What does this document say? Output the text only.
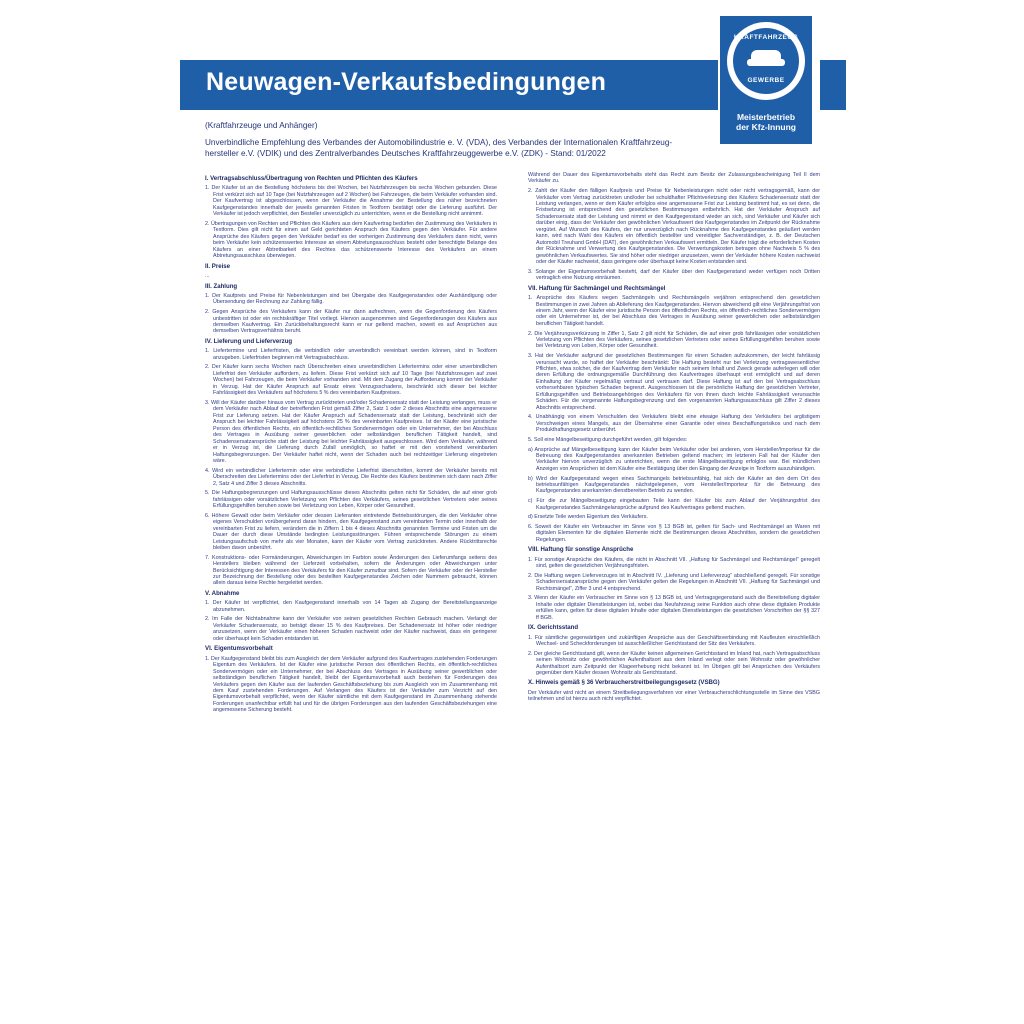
Neuwagen-Verkaufsbedingungen
KRAFTFAHRZEUG
GEWERBE
Meisterbetrieb
der Kfz-Innung
(Kraftfahrzeuge und Anhänger)
Unverbindliche Empfehlung des Verbandes der Automobilindustrie e. V. (VDA), des Verbandes der Internationalen Kraftfahrzeug-
hersteller e.V. (VDIK) und des Zentralverbandes Deutsches Kraftfahrzeuggewerbe e.V. (ZDK) - Stand: 01/2022
I. Vertragsabschluss/Übertragung von Rechten und Pflichten des Käufers

1. Der Käufer ist an die Bestellung höchstens bis drei Wochen, bei Nutzfahrzeugen bis sechs Wochen gebunden. Diese Frist verkürzt sich auf 10 Tage (bei Nutzfahrzeugen auf 2 Wochen) bei Fahrzeugen, die beim Verkäufer vorhanden sind. Der Kaufvertrag ist abgeschlossen, wenn der Verkäufer die Annahme der Bestellung des näher bezeichneten Kaufgegenstandes innerhalb der jeweils genannten Fristen in Textform bestätigt oder die Lieferung ausführt. Der Verkäufer ist jedoch verpflichtet, den Besteller unverzüglich zu unterrichten, wenn er die Bestellung nicht annimmt.

2. Übertragungen von Rechten und Pflichten des Käufers aus dem Kaufvertrag bedürfen der Zustimmung des Verkäufers in Textform. Dies gilt nicht für einen auf Geld gerichteten Anspruch des Käufers gegen den Verkäufer. Für andere Ansprüche des Käufers gegen den Verkäufer bedarf es der vorherigen Zustimmung des Verkäufers dann nicht, wenn beim Verkäufer kein schützenswertes Interesse an einem Abtretungsausschluss besteht oder berechtigte Belange des Käufers an einer Abtretbarkeit des Rechtes das schützenswerte Interesse des Verkäufers an einem Abtretungsausschluss überwiegen.

II. Preise

...

III. Zahlung

1. Der Kaufpreis und Preise für Nebenleistungen sind bei Übergabe des Kaufgegenstandes oder Aushändigung oder Übersendung der Rechnung zur Zahlung fällig.

2. Gegen Ansprüche des Verkäufers kann der Käufer nur dann aufrechnen, wenn die Gegenforderung des Käufers unbestritten ist oder ein rechtskräftiger Titel vorliegt. Hiervon ausgenommen sind Gegenforderungen des Käufers aus demselben Kaufvertrag. Ein Zurückbehaltungsrecht kann er nur geltend machen, soweit es auf Ansprüchen aus demselben Vertragsverhältnis beruht.

IV. Lieferung und Lieferverzug

1. Liefertermine und Lieferfristen, die verbindlich oder unverbindlich vereinbart werden können, sind in Textform anzugeben. Lieferfristen beginnen mit Vertragsabschluss.

2. Der Käufer kann sechs Wochen nach Überschreiten eines unverbindlichen Liefertermins oder einer unverbindlichen Lieferfrist den Verkäufer auffordern, zu liefern. Diese Frist verkürzt sich auf 10 Tage (bei Nutzfahrzeugen auf zwei Wochen) bei Fahrzeugen, die beim Verkäufer vorhanden sind. Mit dem Zugang der Aufforderung kommt der Verkäufer in Verzug. Hat der Käufer Anspruch auf Ersatz eines Verzugsschadens, beschränkt sich dieser bei leichter Fahrlässigkeit des Verkäufers auf höchstens 5 % des vereinbarten Kaufpreises.

3. Will der Käufer darüber hinaus vom Vertrag zurücktreten und/oder Schadensersatz statt der Leistung verlangen, muss er dem Verkäufer nach Ablauf der betreffenden Frist gemäß Ziffer 2, Satz 1 oder 2 dieses Abschnitts eine angemessene Frist zur Lieferung setzen. Hat der Käufer Anspruch auf Schadensersatz statt der Leistung, beschränkt sich der Anspruch bei leichter Fahrlässigkeit auf höchstens 25 % des vereinbarten Kaufpreises. Ist der Käufer eine juristische Person des öffentlichen Rechts, ein öffentlich-rechtliches Sondervermögen oder ein Unternehmer, der bei Abschluss des Vertrages in Ausübung seiner gewerblichen oder selbständigen beruflichen Tätigkeit handelt, sind Schadensersatzansprüche statt der Leistung bei leichter Fahrlässigkeit ausgeschlossen. Wird dem Verkäufer, während er in Verzug ist, die Lieferung durch Zufall unmöglich, so haftet er mit den vorstehend vereinbarten Haftungsbegrenzungen. Der Verkäufer haftet nicht, wenn der Schaden auch bei rechtzeitiger Lieferung eingetreten wäre.

4. Wird ein verbindlicher Liefertermin oder eine verbindliche Lieferfrist überschritten, kommt der Verkäufer bereits mit Überschreiten des Liefertermins oder der Lieferfrist in Verzug. Die Rechte des Käufers bestimmen sich dann nach Ziffer 2, Satz 4 und Ziffer 3 dieses Abschnitts.

5. Die Haftungsbegrenzungen und Haftungsausschlüsse dieses Abschnitts gelten nicht für Schäden, die auf einer grob fahrlässigen oder vorsätzlichen Verletzung von Pflichten des Verkäufers, seines gesetzlichen Vertreters oder seines Erfüllungsgehilfen beruhen sowie bei Verletzung von Leben, Körper oder Gesundheit.

6. Höhere Gewalt oder beim Verkäufer oder dessen Lieferanten eintretende Betriebsstörungen, die den Verkäufer ohne eigenes Verschulden vorübergehend daran hindern, den Kaufgegenstand zum vereinbarten Termin oder innerhalb der vereinbarten Frist zu liefern, verändern die in Ziffern 1 bis 4 dieses Abschnitts genannten Termine und Fristen um die Dauer der durch diese Umstände bedingten Leistungsstörungen. Führen entsprechende Störungen zu einem Leistungsaufschub von mehr als vier Monaten, kann der Käufer vom Vertrag zurücktreten. Andere Rücktrittsrechte bleiben davon unberührt.

7. Konstruktions- oder Formänderungen, Abweichungen im Farbton sowie Änderungen des Lieferumfangs seitens des Herstellers bleiben während der Lieferzeit vorbehalten, sofern die Änderungen oder Abweichungen unter Berücksichtigung der Interessen des Verkäufers für den Käufer zumutbar sind. Sofern der Verkäufer oder der Hersteller zur Bezeichnung der Bestellung oder des bestellten Kaufgegenstandes Zeichen oder Nummern gebraucht, können allein daraus keine Rechte hergeleitet werden.

V. Abnahme

1. Der Käufer ist verpflichtet, den Kaufgegenstand innerhalb von 14 Tagen ab Zugang der Bereitstellungsanzeige abzunehmen.

2. Im Falle der Nichtabnahme kann der Verkäufer von seinen gesetzlichen Rechten Gebrauch machen. Verlangt der Verkäufer Schadensersatz, so beträgt dieser 15 % des Kaufpreises. Der Schadenersatz ist höher oder niedriger anzusetzen, wenn der Verkäufer einen höheren Schaden nachweist oder der Käufer nachweist, dass ein geringerer oder überhaupt kein Schaden entstanden ist.

VI. Eigentumsvorbehalt

1. Der Kaufgegenstand bleibt bis zum Ausgleich der dem Verkäufer aufgrund des Kaufvertrages zustehenden Forderungen Eigentum des Verkäufers. Ist der Käufer eine juristische Person des öffentlichen Rechts, ein öffentlich-rechtliches Sondervermögen oder ein Unternehmer, der bei Abschluss des Vertrages in Ausübung seiner gewerblichen oder selbständigen beruflichen Tätigkeit handelt, bleibt der Eigentumsvorbehalt auch bestehen für Forderungen des Verkäufers gegen den Käufer aus der laufenden Geschäftsbeziehung bis zum Ausgleich von im Zusammenhang mit dem Kauf zustehenden Forderungen. Auf Verlangen des Käufers ist der Verkäufer zum Verzicht auf den Eigentumsvorbehalt verpflichtet, wenn der Käufer sämtliche mit dem Kaufgegenstand im Zusammenhang stehende Forderungen unanfechtbar erfüllt hat und für die übrigen Forderungen aus den laufenden Geschäftsbeziehungen eine angemessene Sicherung besteht.

Während der Dauer des Eigentumsvorbehalts steht das Recht zum Besitz der Zulassungsbescheinigung Teil II dem Verkäufer zu.

2. Zahlt der Käufer den fälligen Kaufpreis und Preise für Nebenleistungen nicht oder nicht vertragsgemäß, kann der Verkäufer vom Vertrag zurücktreten und/oder bei schuldhafter Pflichtverletzung des Käufers Schadensersatz statt der Leistung verlangen, wenn er dem Käufer erfolglos eine angemessene Frist zur Leistung bestimmt hat, es sei denn, die Fristsetzung ist entsprechend den gesetzlichen Bestimmungen entbehrlich. Hat der Verkäufer Anspruch auf Schadensersatz statt der Leistung und nimmt er den Kaufgegenstand wieder an sich, sind Verkäufer und Käufer sich darüber einig, dass der Verkäufer den gewöhnlichen Verkaufswert des Kaufgegenstandes im Zeitpunkt der Rücknahme vergütet. Auf Wunsch des Käufers, der nur unverzüglich nach Rücknahme des Kaufgegenstandes geäußert werden kann, wird nach Wahl des Käufers ein öffentlich bestellter und vereidigter Sachverständiger, z. B. der Deutschen Automobil Treuhand GmbH (DAT), den gewöhnlichen Verkaufswert ermitteln. Der Käufer trägt die erforderlichen Kosten der Rücknahme und Verwertung des Kaufgegenstandes. Die Verwertungskosten betragen ohne Nachweis 5 % des gewöhnlichen Verkaufswertes. Sie sind höher oder niedriger anzusetzen, wenn der Verkäufer höhere Kosten nachweist oder der Käufer nachweist, dass geringere oder überhaupt keine Kosten entstanden sind.

3. Solange der Eigentumsvorbehalt besteht, darf der Käufer über den Kaufgegenstand weder verfügen noch Dritten vertraglich eine Nutzung einräumen.

VII. Haftung für Sachmängel und Rechtsmängel

1. Ansprüche des Käufers wegen Sachmängeln und Rechtsmängeln verjähren entsprechend den gesetzlichen Bestimmungen in zwei Jahren ab Ablieferung des Kaufgegenstandes. Hiervon abweichend gilt eine Verjährungsfrist von einem Jahr, wenn der Käufer eine juristische Person des öffentlichen Rechts, ein öffentlich-rechtliches Sondervermögen oder ein Unternehmer ist, der bei Abschluss des Vertrages in Ausübung seiner gewerblichen oder selbstständigen beruflichen Tätigkeit handelt.

2. Die Verjährungsverkürzung in Ziffer 1, Satz 2 gilt nicht für Schäden, die auf einer grob fahrlässigen oder vorsätzlichen Verletzung von Pflichten des Verkäufers, seines gesetzlichen Vertreters oder seines Erfüllungsgehilfen beruhen sowie bei Verletzung von Leben, Körper oder Gesundheit.

3. Hat der Verkäufer aufgrund der gesetzlichen Bestimmungen für einen Schaden aufzukommen, der leicht fahrlässig verursacht wurde, so haftet der Verkäufer beschränkt: Die Haftung besteht nur bei Verletzung vertragswesentlicher Pflichten, etwa solcher, die der Kaufvertrag dem Verkäufer nach seinem Inhalt und Zweck gerade auferlegen will oder deren Erfüllung die ordnungsgemäße Durchführung des Kaufvertrages überhaupt erst ermöglicht und auf deren Einhaltung der Käufer regelmäßig vertraut und vertrauen darf. Diese Haftung ist auf den bei Vertragsabschluss vorhersehbaren typischen Schaden begrenzt. Ausgeschlossen ist die persönliche Haftung der gesetzlichen Vertreter, Erfüllungsgehilfen und Betriebsangehörigen des Verkäufers für von ihnen durch leichte Fahrlässigkeit verursachte Schäden. Für die vorgenannte Haftungsbegrenzung und den vorgenannten Haftungsausschluss gilt Ziffer 2 dieses Abschnitts entsprechend.

4. Unabhängig von einem Verschulden des Verkäufers bleibt eine etwaige Haftung des Verkäufers bei arglistigem Verschweigen eines Mangels, aus der Übernahme einer Garantie oder eines Beschaffungsrisikos und nach dem Produkthaftungsgesetz unberührt.

5. Soll eine Mängelbeseitigung durchgeführt werden, gilt folgendes:

a) Ansprüche auf Mängelbeseitigung kann der Käufer beim Verkäufer oder bei anderen, vom Hersteller/Importeur für die Betreuung des Kaufgegenstandes anerkannten Betrieben geltend machen; im letzteren Fall hat der Käufer den Verkäufer hiervon unverzüglich zu unterrichten, wenn die erste Mängelbeseitigung erfolglos war. Bei mündlichen Anzeigen von Ansprüchen ist dem Käufer eine Bestätigung über den Eingang der Anzeige in Textform auszuhändigen.

b) Wird der Kaufgegenstand wegen eines Sachmangels betriebsunfähig, hat sich der Käufer an den dem Ort des betriebsunfähigen Kaufgegenstandes nächstgelegenen, vom Hersteller/Importeur für die Betreuung des Kaufgegenstandes anerkannten dienstbereiten Betrieb zu wenden.

c) Für die zur Mängelbeseitigung eingebauten Teile kann der Käufer bis zum Ablauf der Verjährungsfrist des Kaufgegenstandes Sachmängelansprüche aufgrund des Kaufvertrages geltend machen.

d) Ersetzte Teile werden Eigentum des Verkäufers.

6. Soweit der Käufer ein Verbraucher im Sinne von § 13 BGB ist, gelten für Sach- und Rechtsmängel an Waren mit digitalen Elementen für die digitalen Elemente nicht die Bestimmungen dieses Abschnittes, sondern die gesetzlichen Regelungen.

VIII. Haftung für sonstige Ansprüche

1. Für sonstige Ansprüche des Käufers, die nicht in Abschnitt VII. „Haftung für Sachmängel und Rechtsmängel“ geregelt sind, gelten die gesetzlichen Verjährungsfristen.

2. Die Haftung wegen Lieferverzuges ist in Abschnitt IV. „Lieferung und Lieferverzug“ abschließend geregelt. Für sonstige Schadensersatzansprüche gegen den Verkäufer gelten die Regelungen in Abschnitt VII. „Haftung für Sachmängel und Rechtsmängel“, Ziffer 3 und 4 entsprechend.

3. Wenn der Käufer ein Verbraucher im Sinne von § 13 BGB ist, und Vertragsgegenstand auch die Bereitstellung digitaler Inhalte oder digitaler Dienstleistungen ist, wobei das Neufahrzeug seine Funktion auch ohne diese digitalen Produkte erfüllen kann, gelten für diese digitalen Inhalte oder digitalen Dienstleistungen die gesetzlichen Vorschriften der §§ 327 ff BGB.

IX. Gerichtsstand

1. Für sämtliche gegenwärtigen und zukünftigen Ansprüche aus der Geschäftsverbindung mit Kaufleuten einschließlich Wechsel- und Scheckforderungen ist ausschließlicher Gerichtsstand der Sitz des Verkäufers.

2. Der gleiche Gerichtsstand gilt, wenn der Käufer keinen allgemeinen Gerichtsstand im Inland hat, nach Vertragsabschluss seinen Wohnsitz oder gewöhnlichen Aufenthaltsort aus dem Inland verlegt oder sein Wohnsitz oder gewöhnlicher Aufenthaltsort zum Zeitpunkt der Klageerhebung nicht bekannt ist. Im Übrigen gilt bei Ansprüchen des Verkäufers gegenüber dem Käufer dessen Wohnsitz als Gerichtsstand.

X. Hinweis gemäß § 36 Verbraucherstreitbeilegungsgesetz (VSBG)

Der Verkäufer wird nicht an einem Streitbeilegungsverfahren vor einer Verbraucherschlichtungsstelle im Sinne des VSBG teilnehmen und ist hierzu auch nicht verpflichtet.
